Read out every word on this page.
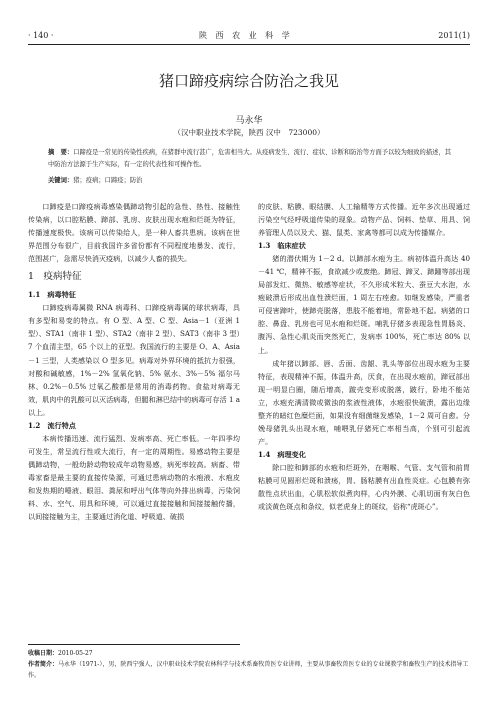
· 140 ·	陕 西 农 业 科 学	2011(1)
猪口蹄疫病综合防治之我见
马永华
（汉中职业技术学院，陕西 汉中　723000）
摘　要：口蹄疫是一常见的传染性疾病，在猪群中流行甚广，危害相当大。从疫病发生、流行、症状、诊断和防治等方面予以较为细致的描述，其中防治方法源于生产实际，有一定的代表性和可操作性。
关键词：猪；疫病；口蹄疫；防治

口蹄疫是口蹄疫病毒感染偶蹄动物引起的急性、热性、接触性传染病，以口腔粘膜、蹄部、乳房、皮肤出现水疱和烂斑为特征，传播速度极快。该病可以传染给人，是一种人畜共患病。该病在世界范围分布很广，目前我国许多省份都有不同程度地暴发、流行，范围甚广，急需尽快消灭疫病，以减少人畜的损失。

1　疫病特征

1.1　病毒特征

口蹄疫病毒属微 RNA 病毒科、口蹄疫病毒属的球状病毒，具有多型和易变的特点。有 O 型、A 型、C 型、Asia－1（亚洲 1 型）、STA1（南非 1 型）、STA2（南非 2 型）、SAT3（南非 3 型）7 个血清主型，65 个以上的亚型。我国流行的主要是 O、A、Asia－1 三型，人类感染以 O 型多见。病毒对外界环境的抵抗力很强，对酸和碱敏感，1%－2% 氢氧化钠、5% 氨水、3%－5% 福尔马林、0.2%－0.5% 过氧乙酸都是常用的消毒药物。食盐对病毒无效，肌肉中的乳酸可以灭活病毒，但腿和淋巴结中的病毒可存活 1 a 以上。

1.2　流行特点

本病传播迅速、流行猛烈、发病率高、死亡率低。一年四季均可发生，常呈流行性或大流行，有一定的周期性。易感动物主要是偶蹄动物，一般幼龄动物较成年动物易感，病死率较高。病畜、带毒家畜是最主要的直接传染源，可通过患病动物的水疱液、水疱皮和发热期的唾液、眼泪、粪尿和呼出气体等向外排出病毒，污染饲料、水、空气、用具和环境，可以通过直接接触和间接接触传播，以间接接触为主，主要通过消化道、呼吸道、破损

的皮肤、粘膜、眼结膜、人工输精等方式传播。近年多次出现通过污染空气经呼吸道传染的现象。动物产品、饲料、垫草、用具、饲养管理人员以及犬、猫、鼠类、家禽等都可以成为传播媒介。

1.3　临床症状

猪的潜伏期为 1－2 d。以蹄部水疱为主。病初体温升高达 40－41 ℃，精神不振，食欲减少或废绝。蹄冠、蹄叉、蹄踵等部出现局部发红、微热、敏感等症状，不久形成米粒大、蚕豆大水泡，水疱破溃后形成出血性溃烂面，1 周左右痊愈。如继发感染，严重者可侵害蹄叶，使蹄壳脱落，患肢不能着地，常卧地不起。病猪的口腔、鼻盘、乳房也可见水疱和烂斑。哺乳仔猪多表现急性胃肠炎、腹泻、急性心肌炎而突然死亡，发病率 100%，死亡率达 80% 以上。

成年猪以蹄部、唇、舌面、齿龈、乳头等部位出现水疱为主要特征，表现精神不振，体温升高，厌食，在出现水疱前，蹄冠部出现一明显白圈，随后增高，跛壳变形或脱落，跛行，卧地不能站立，水疱充满清微或微浊的浆液性液体，水疱很快破溃，露出边缘整齐的暗红色糜烂面，如果没有细菌继发感染，1－2 周可自愈。分娩母猪乳头出现水疱，哺喂乳仔猪死亡率相当高，个别可引起流产。

1.4　病理变化

除口腔和蹄部的水疱和烂斑外，在咽喉、气管、支气管和前胃粘膜可见圆形烂斑和溃疡，胃、肠粘膜有出血性炎症。心包膜有弥散性点状出血，心肌松软似煮肉样，心内外膜、心肌切面有灰白色或淡黄色斑点和条纹，似老虎身上的斑纹，俗称“虎斑心”。

收稿日期：2010-05-27
作者简介：马永华（1971-），男，陕西宁强人，汉中职业技术学院农林科学与技术系畜牧兽医专业讲师，主要从事畜牧兽医专业的专业课教学和畜牧生产的技术指导工作。
